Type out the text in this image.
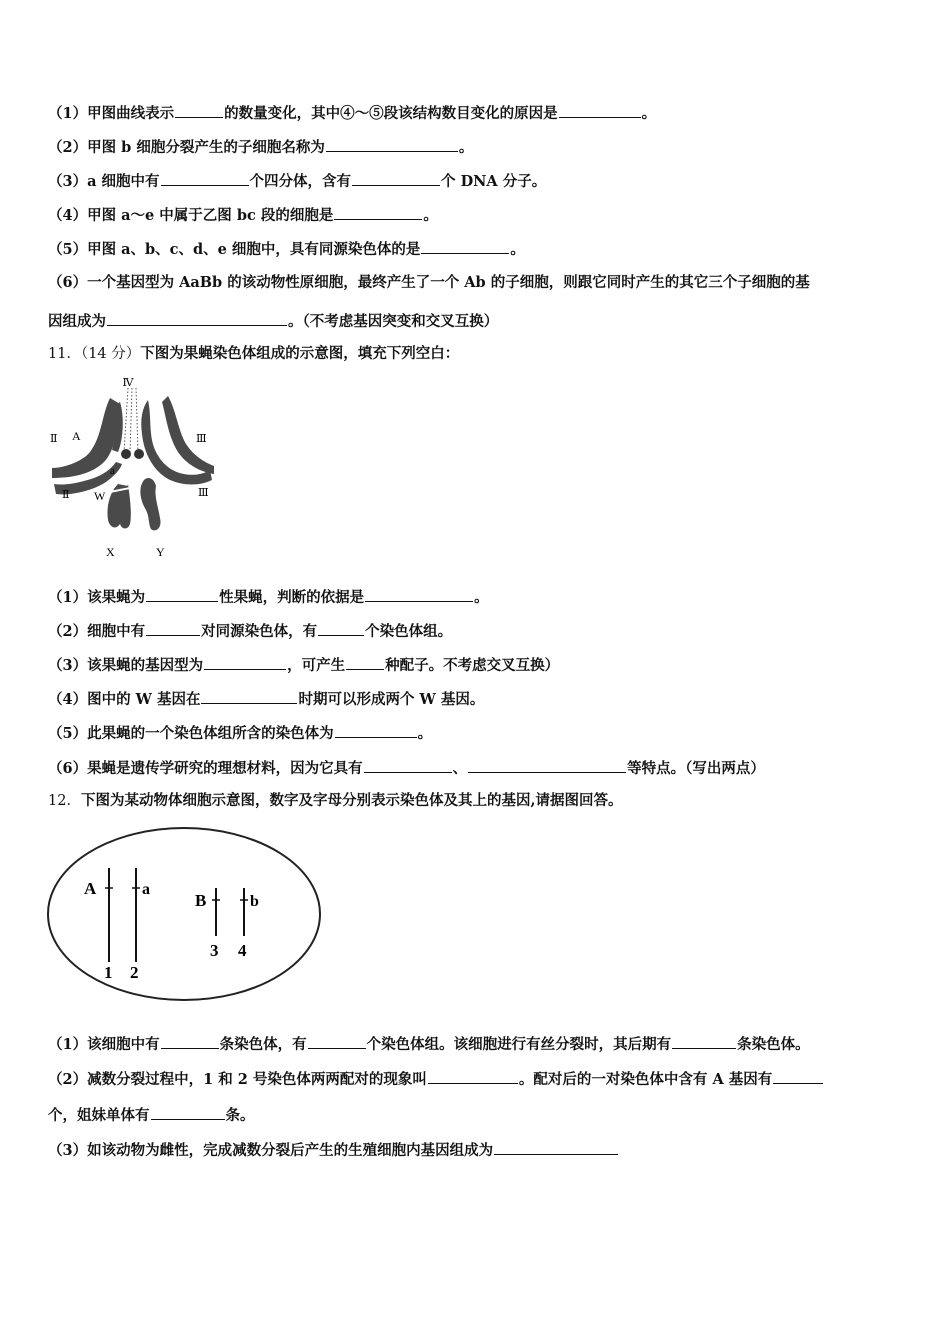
（1）甲图曲线表示	的数量变化，其中④～⑤段该结构数目变化的原因是	。
（2）甲图 b 细胞分裂产生的子细胞名称为	。
（3）a 细胞中有	个四分体，含有	个 DNA 分子。
（4）甲图 a～e 中属于乙图 bc 段的细胞是	。
（5）甲图 a、b、c、d、e 细胞中，具有同源染色体的是	。
（6）一个基因型为 AaBb 的该动物性原细胞，最终产生了一个 Ab 的子细胞，则跟它同时产生的其它三个子细胞的基
因组成为	。（不考虑基因突变和交叉互换）
11．（14 分）下图为果蝇染色体组成的示意图，填充下列空白：
Ⅳ
Ⅱ A
a
Ⅲ
Ⅱ W	Ⅲ
X	Y
（1）该果蝇为	性果蝇，判断的依据是	。
（2）细胞中有	对同源染色体，有	个染色体组。
（3）该果蝇的基因型为	，可产生	种配子。不考虑交叉互换）
（4）图中的 W 基因在	时期可以形成两个 W 基因。
（5）此果蝇的一个染色体组所含的染色体为	。
（6）果蝇是遗传学研究的理想材料，因为它具有	、	等特点。（写出两点）
12．下图为某动物体细胞示意图，数字及字母分别表示染色体及其上的基因,请据图回答。
A	a
B	b
1 2
3 4
（1）该细胞中有	条染色体，有	个染色体组。该细胞进行有丝分裂时，其后期有	条染色体。
（2）减数分裂过程中，1 和 2 号染色体两两配对的现象叫	。配对后的一对染色体中含有 A 基因有
个，姐妹单体有	条。
（3）如该动物为雌性，完成减数分裂后产生的生殖细胞内基因组成为
